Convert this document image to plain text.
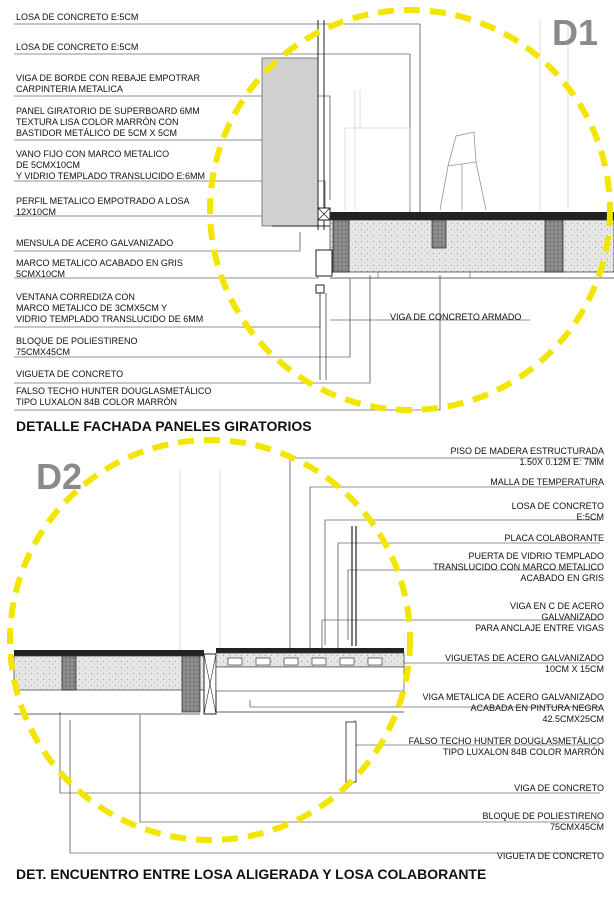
D1
LOSA DE CONCRETO E:5CM
LOSA DE CONCRETO E:5CM
VIGA DE BORDE CON REBAJE EMPOTRAR
CARPINTERIA METALICA
PANEL GIRATORIO DE SUPERBOARD 6MM
TEXTURA LISA COLOR MARRÓN CON
BASTIDOR METÁLICO DE 5CM X 5CM
VANO FIJO CON MARCO METALICO
DE 5CMX10CM
Y VIDRIO TEMPLADO TRANSLUCIDO E:6MM
PERFIL METALICO EMPOTRADO A LOSA
12X10CM
MENSULA DE ACERO GALVANIZADO
MARCO METALICO ACABADO EN GRIS
5CMX10CM
VENTANA CORREDIZA CON
MARCO METALICO DE 3CMX5CM Y
VIDRIO TEMPLADO TRANSLUCIDO DE 6MM
BLOQUE DE POLIESTIRENO
75CMX45CM
VIGUETA DE CONCRETO
FALSO TECHO HUNTER DOUGLASMETÁLICO
TIPO LUXALON 84B COLOR MARRÓN
VIGA DE CONCRETO ARMADO
DETALLE FACHADA PANELES GIRATORIOS
D2
PISO DE MADERA ESTRUCTURADA
1.50X 0.12M E: 7MM
MALLA DE TEMPERATURA
LOSA DE CONCRETO
E:5CM
PLACA COLABORANTE
PUERTA DE VIDRIO TEMPLADO
TRANSLUCIDO CON MARCO METALICO
ACABADO EN GRIS
VIGA EN C DE ACERO
GALVANIZADO
PARA ANCLAJE ENTRE VIGAS
VIGUETAS DE ACERO GALVANIZADO
10CM X 15CM
VIGA METALICA DE ACERO GALVANIZADO
ACABADA EN PINTURA NEGRA
42.5CMX25CM
FALSO TECHO HUNTER DOUGLASMETÁLICO
TIPO LUXALON 84B COLOR MARRÓN
VIGA DE CONCRETO
BLOQUE DE POLIESTIRENO
75CMX45CM
VIGUETA DE CONCRETO
DET. ENCUENTRO ENTRE LOSA ALIGERADA Y LOSA COLABORANTE
